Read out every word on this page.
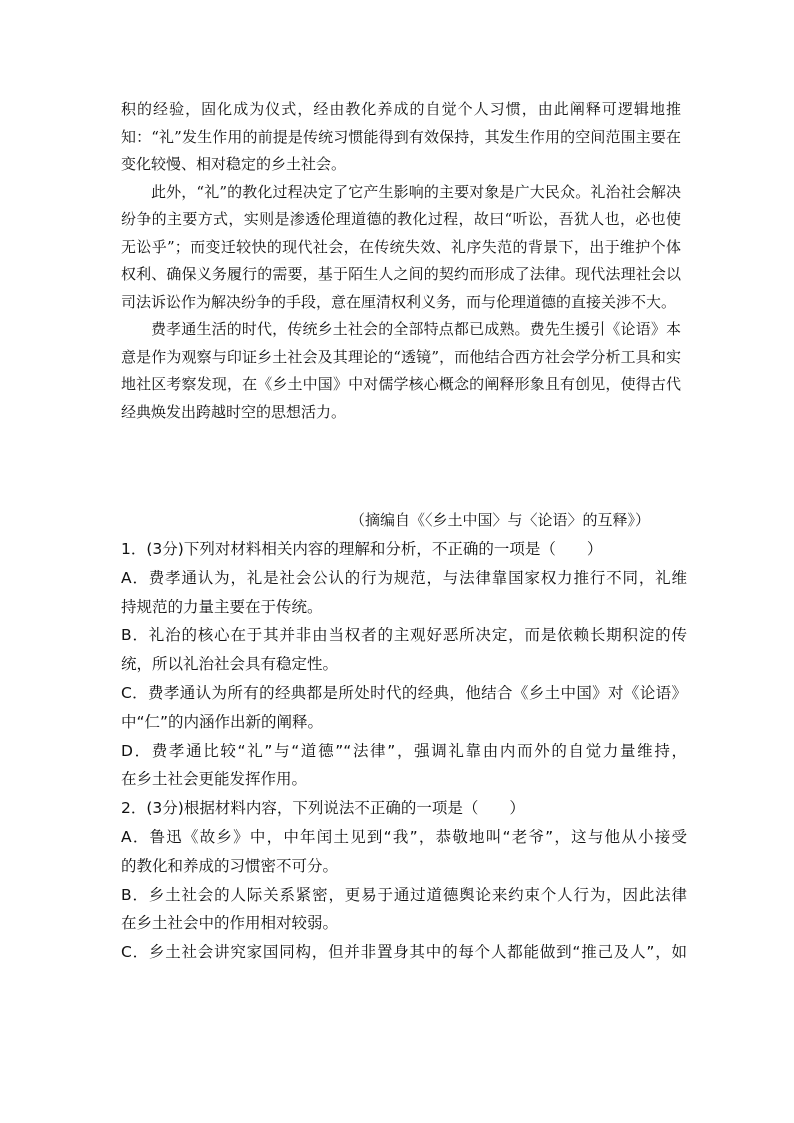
积的经验，固化成为仪式，经由教化养成的自觉个人习惯，由此阐释可逻辑地推知：“礼”发生作用的前提是传统习惯能得到有效保持，其发生作用的空间范围主要在变化较慢、相对稳定的乡土社会。

此外，“礼”的教化过程决定了它产生影响的主要对象是广大民众。礼治社会解决纷争的主要方式，实则是渗透伦理道德的教化过程，故曰“听讼，吾犹人也，必也使无讼乎”；而变迁较快的现代社会，在传统失效、礼序失范的背景下，出于维护个体权利、确保义务履行的需要，基于陌生人之间的契约而形成了法律。现代法理社会以司法诉讼作为解决纷争的手段，意在厘清权利义务，而与伦理道德的直接关涉不大。

费孝通生活的时代，传统乡土社会的全部特点都已成熟。费先生援引《论语》本意是作为观察与印证乡土社会及其理论的“透镜”，而他结合西方社会学分析工具和实地社区考察发现，在《乡土中国》中对儒学核心概念的阐释形象且有创见，使得古代经典焕发出跨越时空的思想活力。

（摘编自《〈乡土中国〉与〈论语〉的互释》）

1．(3分)下列对材料相关内容的理解和分析，不正确的一项是（　　）

A．费孝通认为，礼是社会公认的行为规范，与法律靠国家权力推行不同，礼维

持规范的力量主要在于传统。

B．礼治的核心在于其并非由当权者的主观好恶所决定，而是依赖长期积淀的传

统，所以礼治社会具有稳定性。

C．费孝通认为所有的经典都是所处时代的经典，他结合《乡土中国》对《论语》

中“仁”的内涵作出新的阐释。

D．费孝通比较“礼”与“道德”“法律”，强调礼靠由内而外的自觉力量维持，

在乡土社会更能发挥作用。

2．(3分)根据材料内容，下列说法不正确的一项是（　　）

A．鲁迅《故乡》中，中年闰土见到“我”，恭敬地叫“老爷”，这与他从小接受

的教化和养成的习惯密不可分。

B．乡土社会的人际关系紧密，更易于通过道德舆论来约束个人行为，因此法律

在乡土社会中的作用相对较弱。

C．乡土社会讲究家国同构，但并非置身其中的每个人都能做到“推己及人”，如
